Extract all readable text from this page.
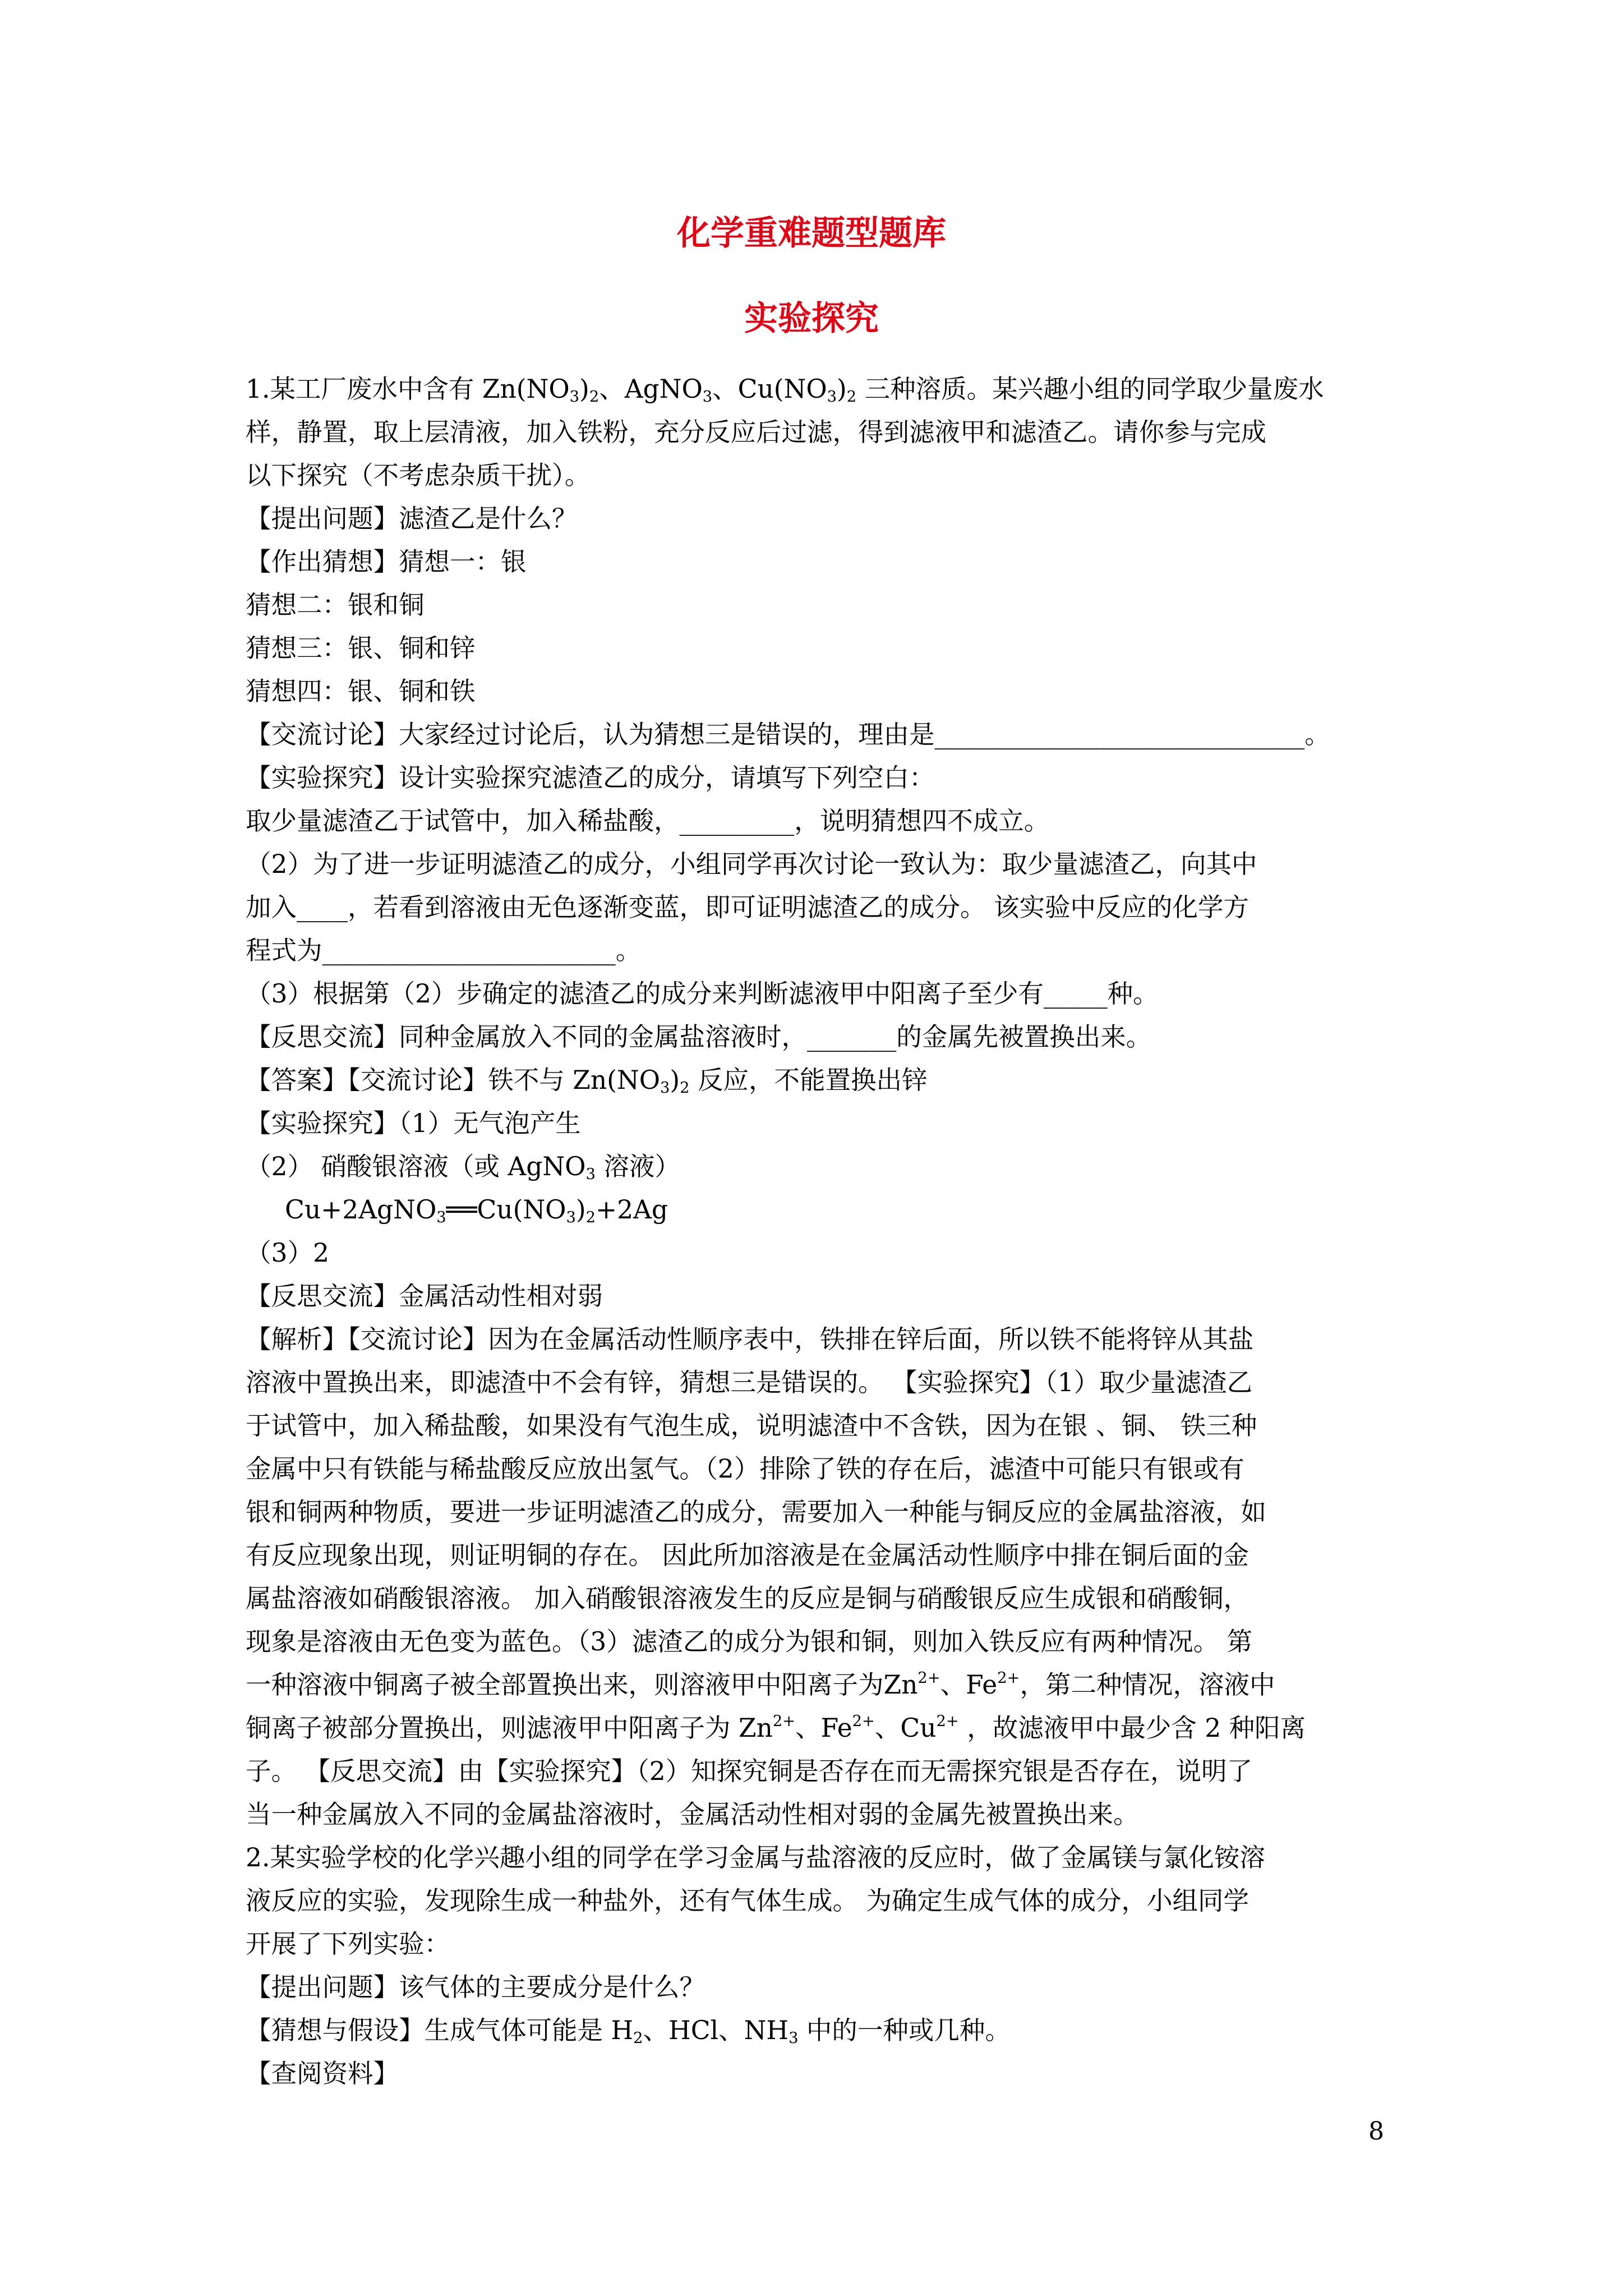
化学重难题型题库
实验探究
1.某工厂废水中含有 $Zn(NO_3)_2$、AgNO$_3$、$Cu(NO_3)_2$ 三种溶质。某兴趣小组的同学取少量废水
样，静置，取上层清液，加入铁粉，充分反应后过滤，得到滤液甲和滤渣乙。请你参与完成
以下探究（不考虑杂质干扰）。
【提出问题】滤渣乙是什么？
【作出猜想】猜想一：银
猜想二：银和铜
猜想三：银、铜和锌
猜想四：银、铜和铁
【交流讨论】大家经过讨论后，认为猜想三是错误的，理由是_____________________________。
【实验探究】设计实验探究滤渣乙的成分，请填写下列空白：
取少量滤渣乙于试管中，加入稀盐酸，_________，说明猜想四不成立。
（2）为了进一步证明滤渣乙的成分，小组同学再次讨论一致认为：取少量滤渣乙，向其中
加入____，若看到溶液由无色逐渐变蓝，即可证明滤渣乙的成分。 该实验中反应的化学方
程式为_______________________。
（3）根据第（2）步确定的滤渣乙的成分来判断滤液甲中阳离子至少有_____种。
【反思交流】同种金属放入不同的金属盐溶液时，_______的金属先被置换出来。
【答案】【交流讨论】铁不与 $Zn(NO_3)_2$ 反应，不能置换出锌
【实验探究】（1）无气泡产生
（2） 硝酸银溶液（或 AgNO$_3$ 溶液）
$Cu+2AgNO_3══Cu(NO_3)_2+2Ag$
（3）2
【反思交流】金属活动性相对弱
【解析】【交流讨论】因为在金属活动性顺序表中，铁排在锌后面，所以铁不能将锌从其盐
溶液中置换出来，即滤渣中不会有锌，猜想三是错误的。 【实验探究】（1）取少量滤渣乙
于试管中，加入稀盐酸，如果没有气泡生成，说明滤渣中不含铁，因为在银 、铜、 铁三种
金属中只有铁能与稀盐酸反应放出氢气。（2）排除了铁的存在后，滤渣中可能只有银或有
银和铜两种物质，要进一步证明滤渣乙的成分，需要加入一种能与铜反应的金属盐溶液，如
有反应现象出现，则证明铜的存在。 因此所加溶液是在金属活动性顺序中排在铜后面的金
属盐溶液如硝酸银溶液。 加入硝酸银溶液发生的反应是铜与硝酸银反应生成银和硝酸铜，
现象是溶液由无色变为蓝色。（3）滤渣乙的成分为银和铜，则加入铁反应有两种情况。 第
一种溶液中铜离子被全部置换出来，则溶液甲中阳离子为$Zn^{2+}$、$Fe^{2+}$，第二种情况，溶液中
铜离子被部分置换出，则滤液甲中阳离子为 $Zn^{2+}$、$Fe^{2+}$、$Cu^{2+}$ ，故滤液甲中最少含 2 种阳离
子。 【反思交流】由【实验探究】（2）知探究铜是否存在而无需探究银是否存在，说明了
当一种金属放入不同的金属盐溶液时，金属活动性相对弱的金属先被置换出来。
2.某实验学校的化学兴趣小组的同学在学习金属与盐溶液的反应时，做了金属镁与氯化铵溶
液反应的实验，发现除生成一种盐外，还有气体生成。 为确定生成气体的成分，小组同学
开展了下列实验：
【提出问题】该气体的主要成分是什么？
【猜想与假设】生成气体可能是 $H_2$、HCl、$NH_3$ 中的一种或几种。
【查阅资料】
8
